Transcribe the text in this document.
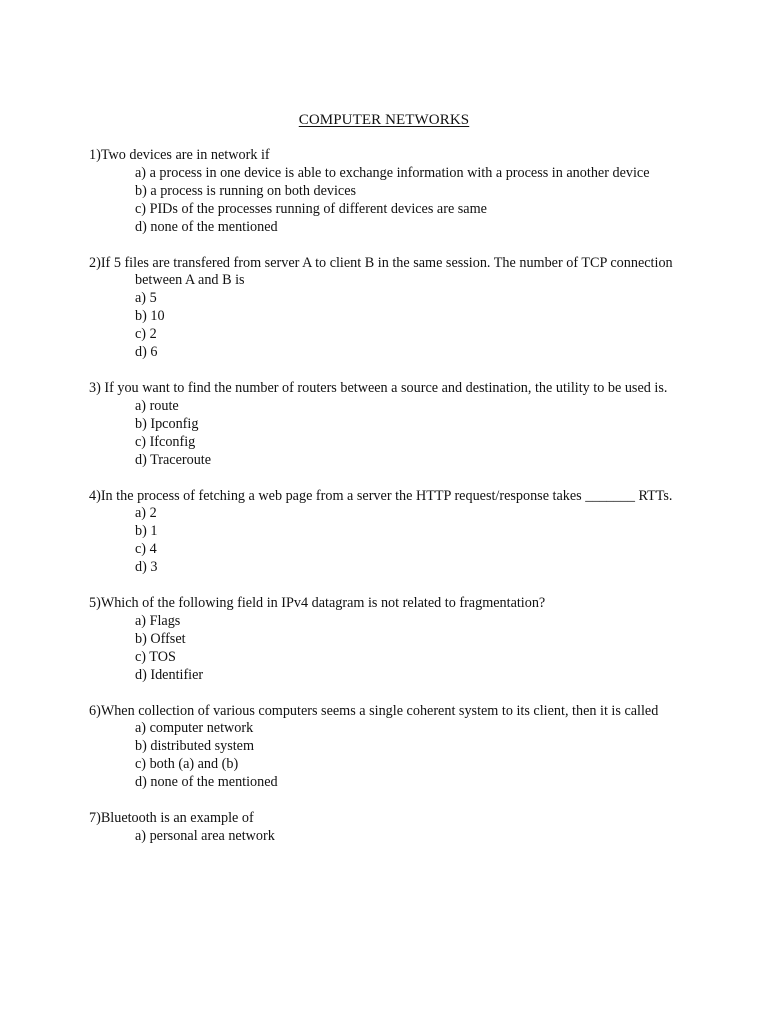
COMPUTER NETWORKS
1)Two devices are in network if
a) a process in one device is able to exchange information with a process in another device
b) a process is running on both devices
c) PIDs of the processes running of different devices are same
d) none of the mentioned
2)If 5 files are transfered from server A to client B in the same session. The number of TCP connection between A and B is
a) 5
b) 10
c) 2
d) 6
3) If you want to find the number of routers between a source and destination, the utility to be used is.
a) route
b) Ipconfig
c) Ifconfig
d) Traceroute
4)In the process of fetching a web page from a server the HTTP request/response takes _______ RTTs.
a) 2
b) 1
c) 4
d) 3
5)Which of the following field in IPv4 datagram is not related to fragmentation?
a) Flags
b) Offset
c) TOS
d) Identifier
6)When collection of various computers seems a single coherent system to its client, then it is called
a) computer network
b) distributed system
c) both (a) and (b)
d) none of the mentioned
7)Bluetooth is an example of
a) personal area network
